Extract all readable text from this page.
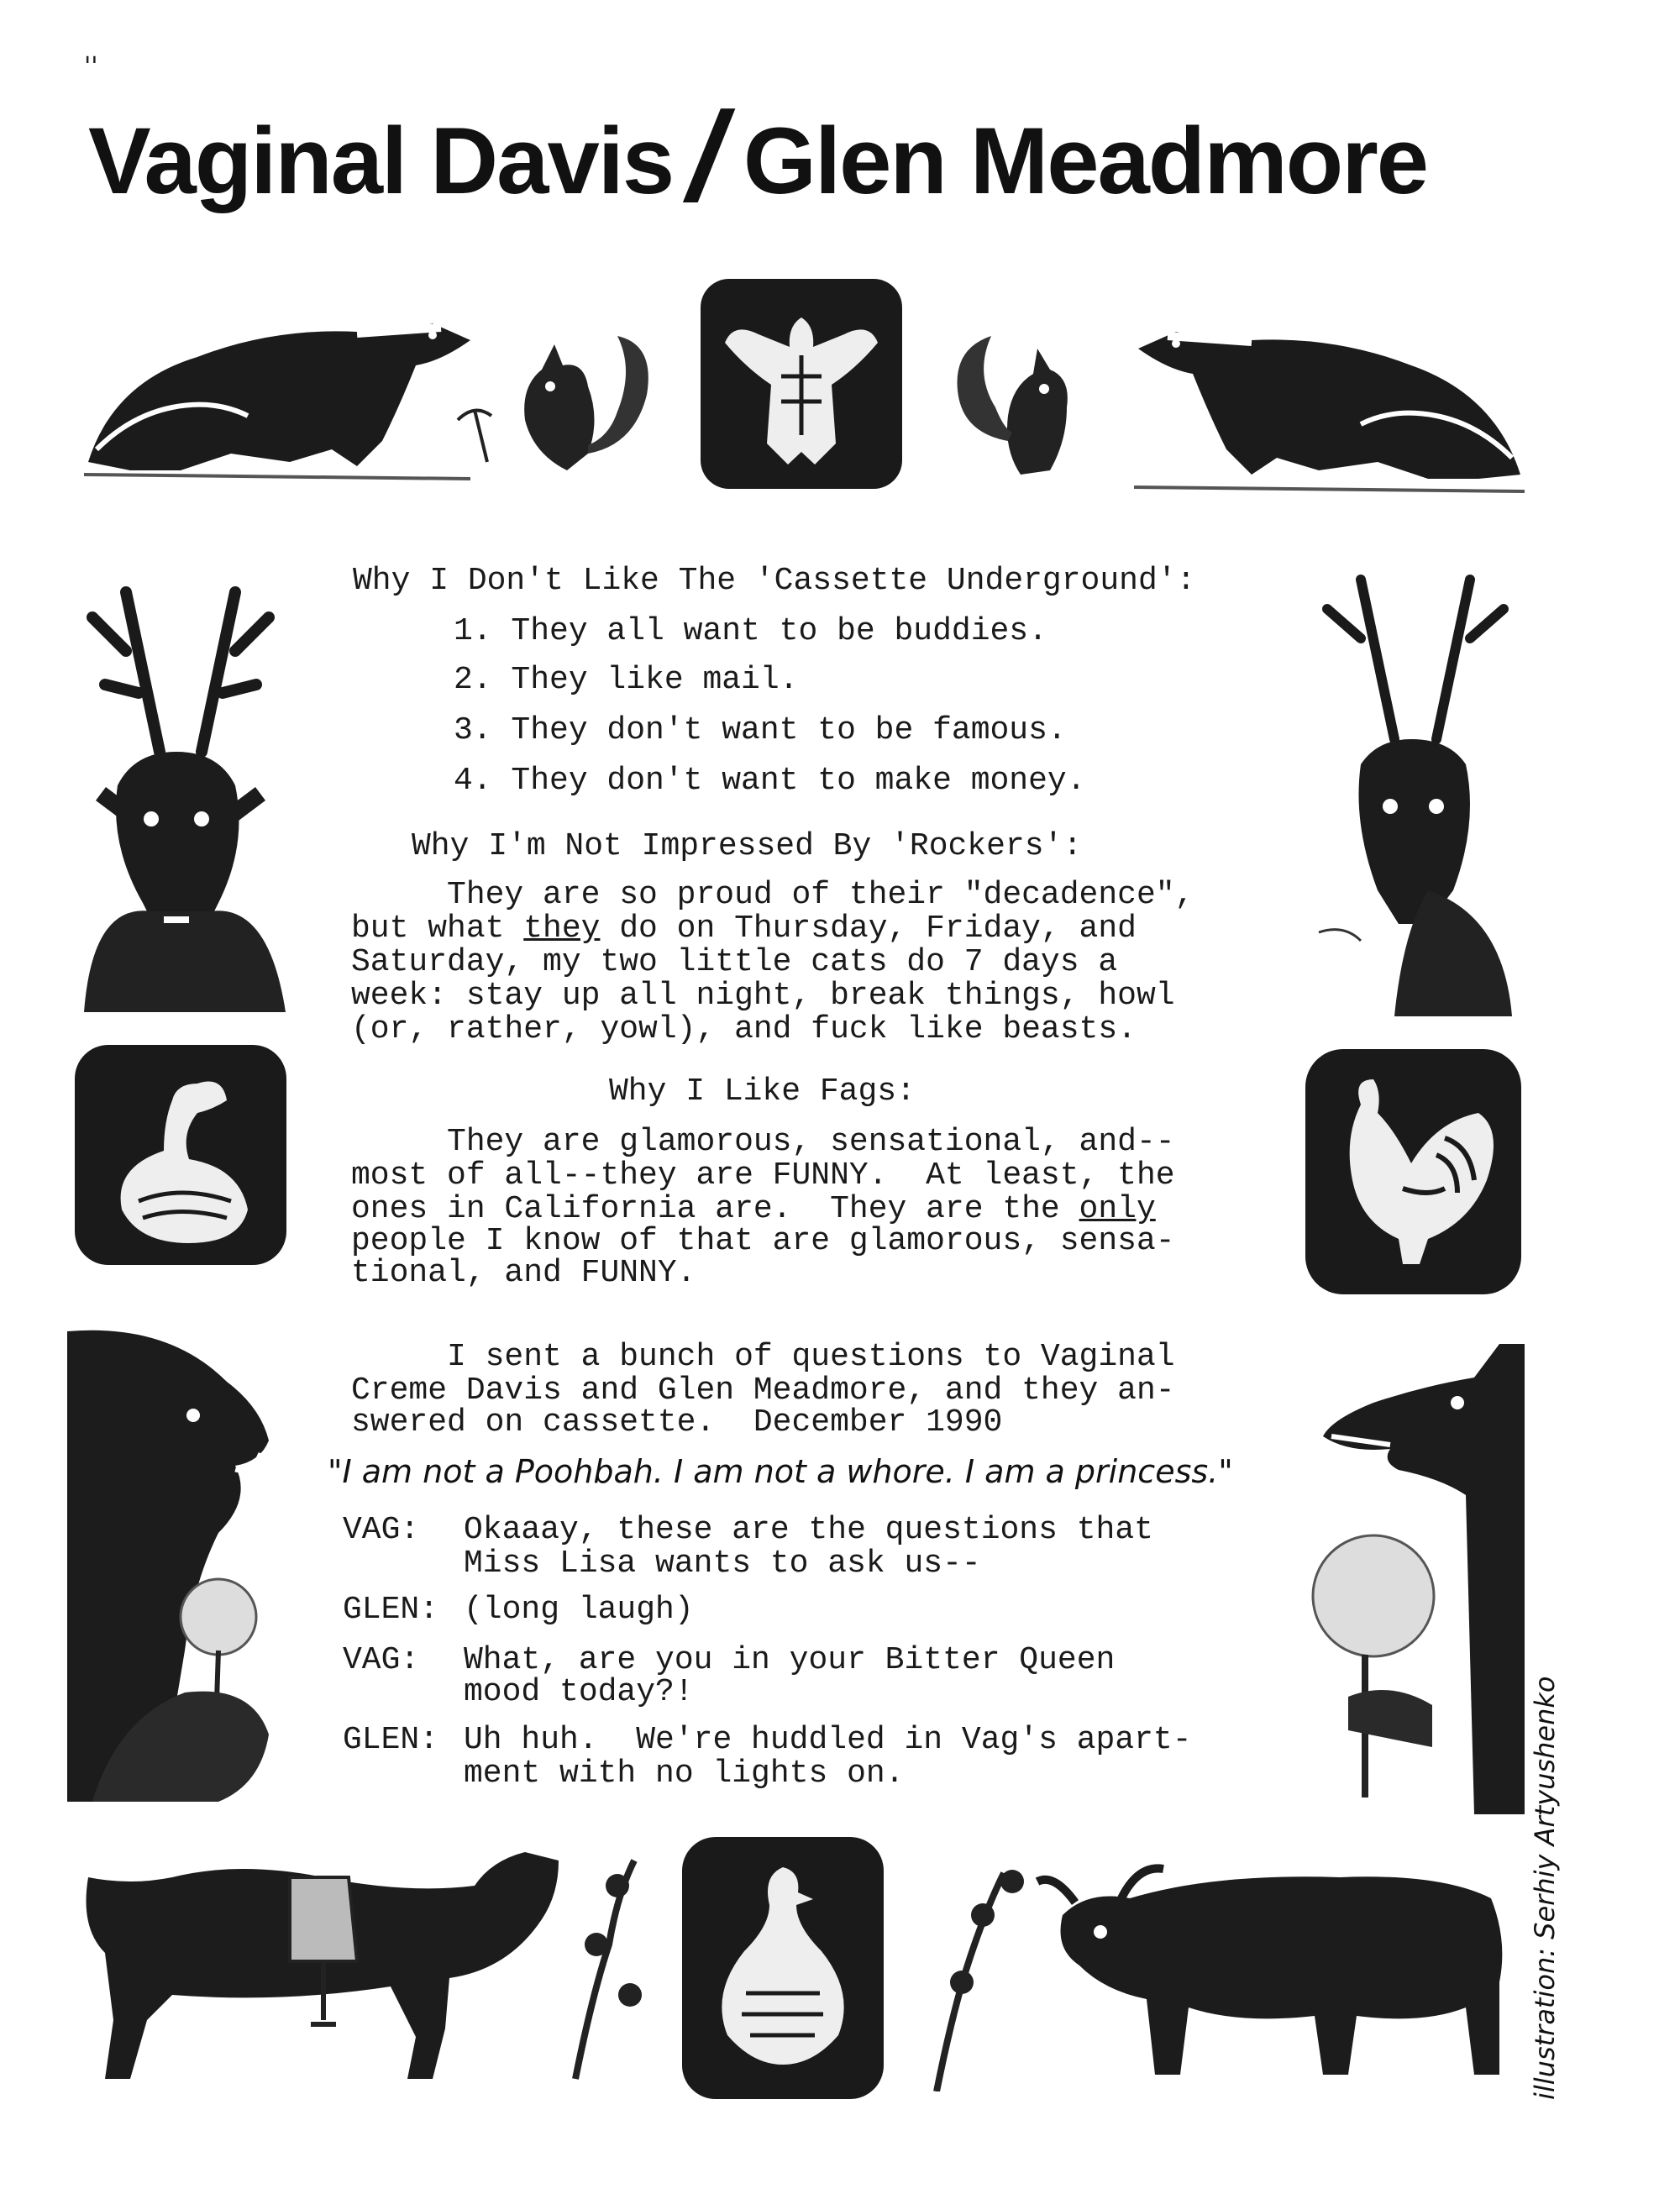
''
Vaginal Davis/Glen Meadmore
Why I Don't Like The 'Cassette Underground':
1. They all want to be buddies.
2. They like mail.
3. They don't want to be famous.
4. They don't want to make money.
Why I'm Not Impressed By 'Rockers':
They are so proud of their "decadence",
but what they do on Thursday, Friday, and
Saturday, my two little cats do 7 days a
week: stay up all night, break things, howl
(or, rather, yowl), and fuck like beasts.
Why I Like Fags:
They are glamorous, sensational, and--
most of all--they are FUNNY.  At least, the
ones in California are.  They are the only
people I know of that are glamorous, sensa-
tional, and FUNNY.
I sent a bunch of questions to Vaginal
Creme Davis and Glen Meadmore, and they an-
swered on cassette.  December 1990
"I am not a Poohbah. I am not a whore. I am a princess."
VAG: Okaaay, these are the questions that
Miss Lisa wants to ask us--
GLEN: (long laugh)
VAG: What, are you in your Bitter Queen
mood today?!
GLEN: Uh huh.  We're huddled in Vag's apart-
ment with no lights on.	illustration: Serhiy Artyushenko
